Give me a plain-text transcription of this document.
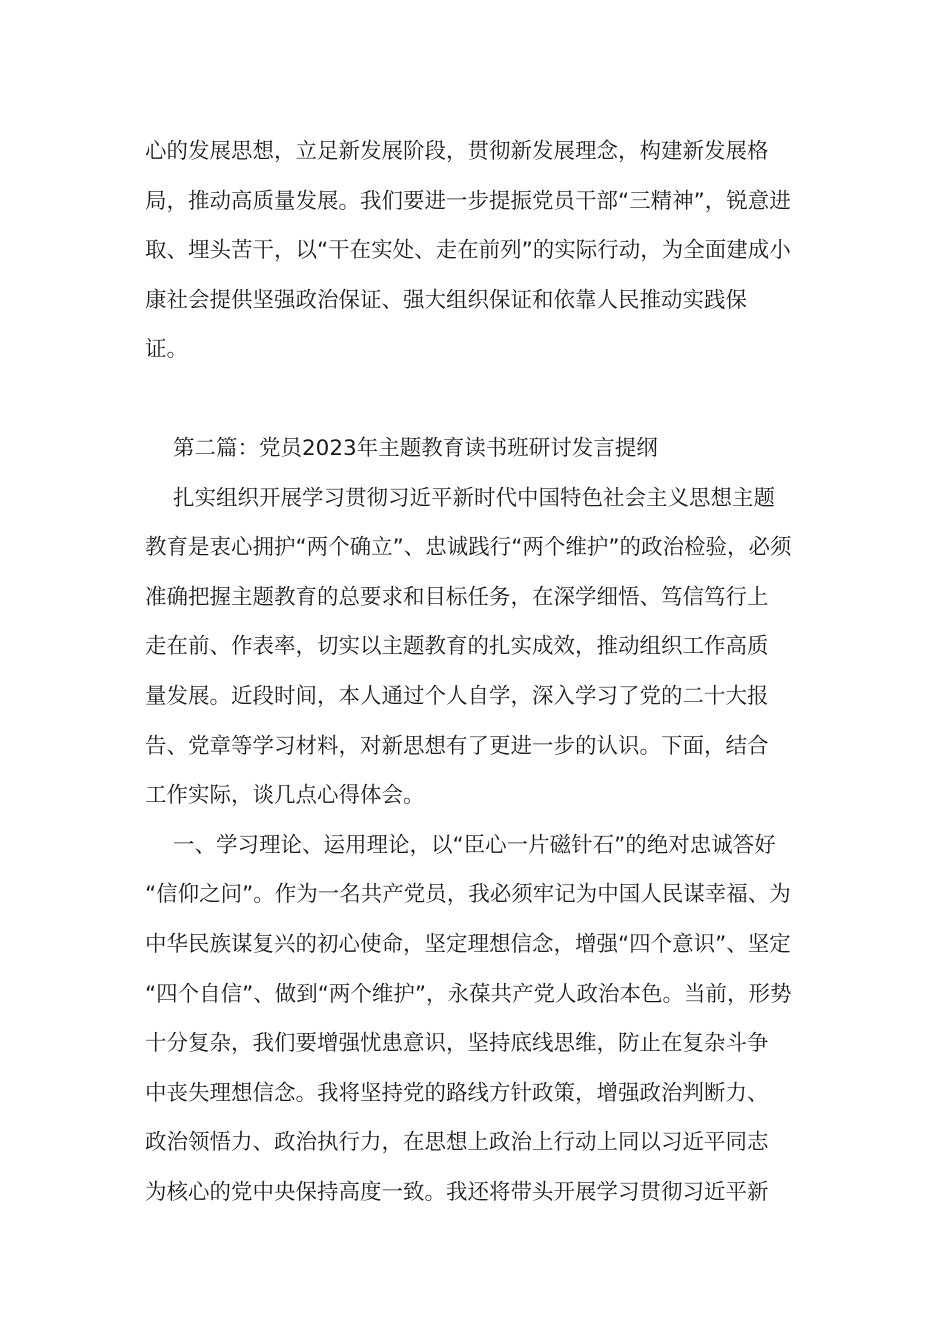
心的发展思想，立足新发展阶段，贯彻新发展理念，构建新发展格
局，推动高质量发展。我们要进一步提振党员干部“三精神”，锐意进
取、埋头苦干，以“干在实处、走在前列”的实际行动，为全面建成小
康社会提供坚强政治保证、强大组织保证和依靠人民推动实践保
证。
第二篇：党员2023年主题教育读书班研讨发言提纲
扎实组织开展学习贯彻习近平新时代中国特色社会主义思想主题
教育是衷心拥护“两个确立”、忠诚践行“两个维护”的政治检验，必须
准确把握主题教育的总要求和目标任务，在深学细悟、笃信笃行上
走在前、作表率，切实以主题教育的扎实成效，推动组织工作高质
量发展。近段时间，本人通过个人自学，深入学习了党的二十大报
告、党章等学习材料，对新思想有了更进一步的认识。下面，结合
工作实际，谈几点心得体会。
一、学习理论、运用理论，以“臣心一片磁针石”的绝对忠诚答好
“信仰之问”。作为一名共产党员，我必须牢记为中国人民谋幸福、为
中华民族谋复兴的初心使命，坚定理想信念，增强“四个意识”、坚定
“四个自信”、做到“两个维护”，永葆共产党人政治本色。当前，形势
十分复杂，我们要增强忧患意识，坚持底线思维，防止在复杂斗争
中丧失理想信念。我将坚持党的路线方针政策，增强政治判断力、
政治领悟力、政治执行力，在思想上政治上行动上同以习近平同志
为核心的党中央保持高度一致。我还将带头开展学习贯彻习近平新
